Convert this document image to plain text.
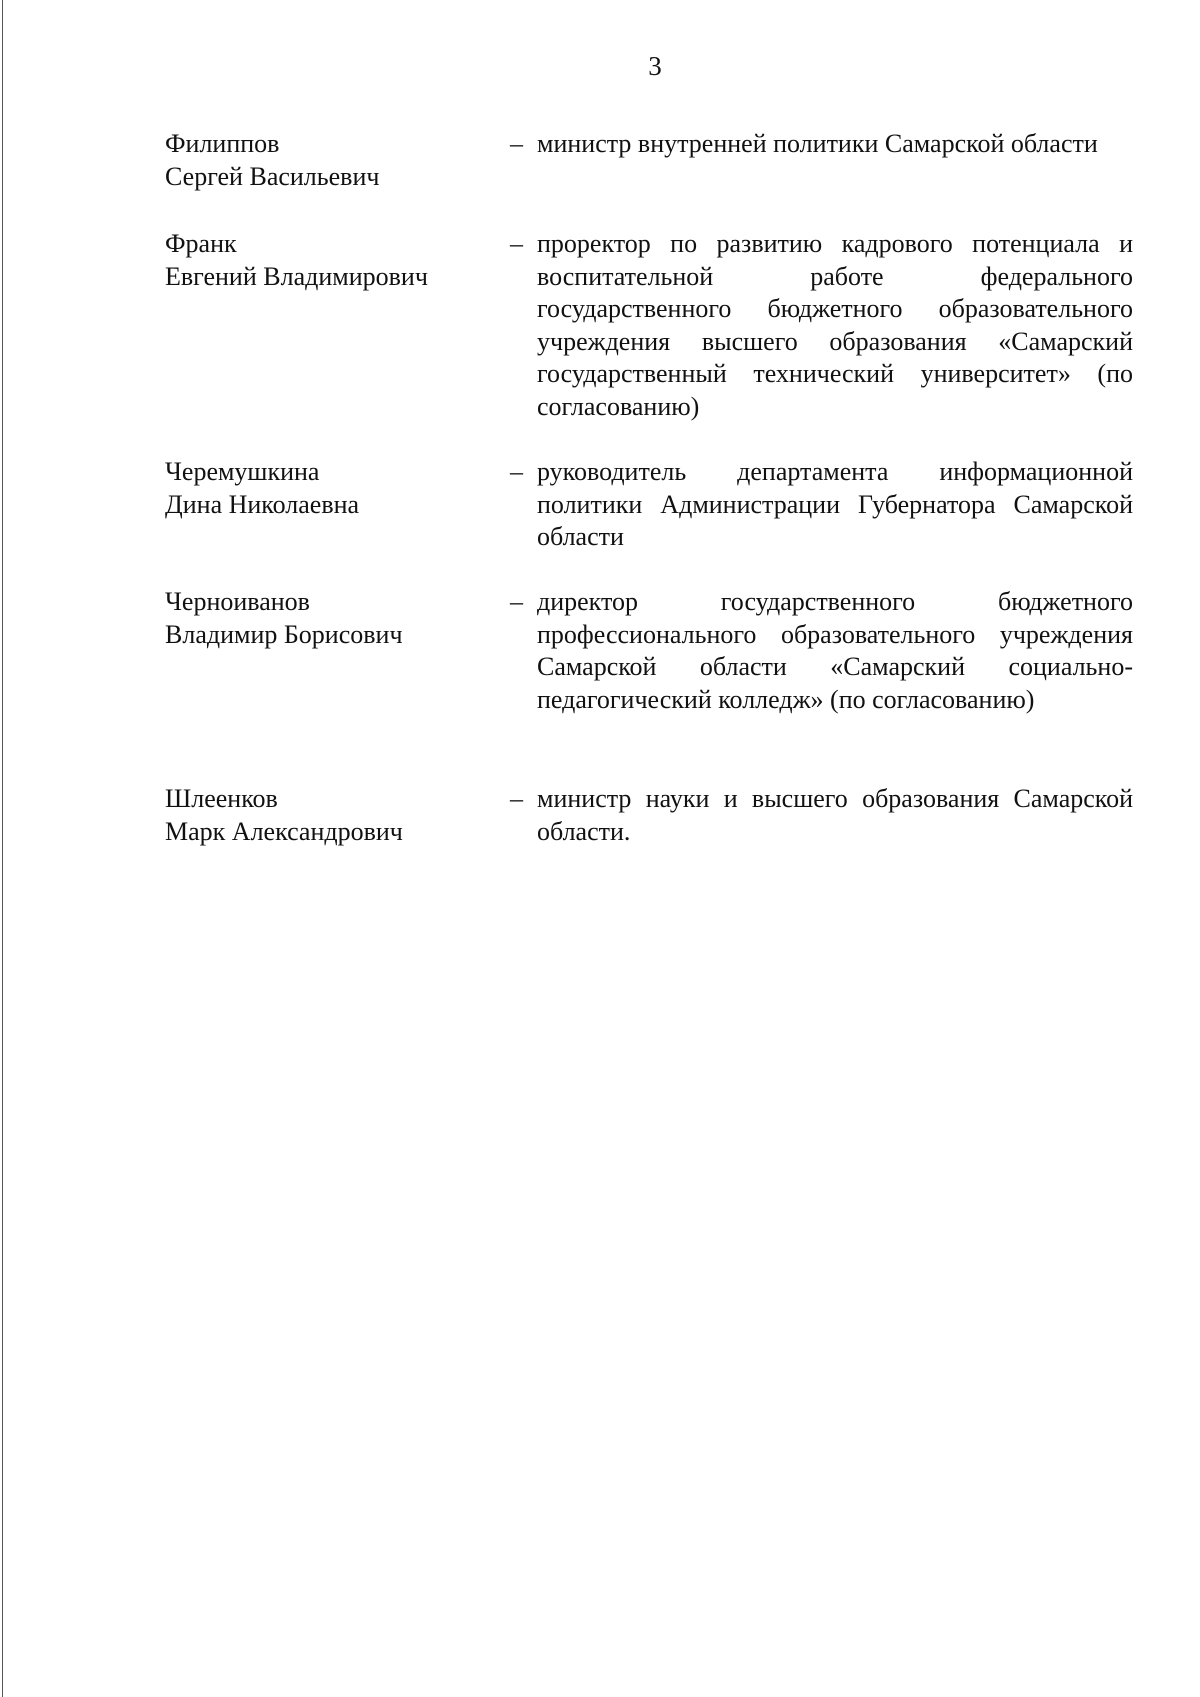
3
Филиппов
Сергей Васильевич
– министр внутренней политики Самарской области
Франк
Евгений Владимирович
– проректор по развитию кадрового потенциала и воспитательной работе федерального государственного бюджетного образовательного учреждения высшего образования «Самарский государственный технический университет» (по согласованию)
Черемушкина
Дина Николаевна
– руководитель департамента информационной политики Администрации Губернатора Самарской области
Черноиванов
Владимир Борисович
– директор государственного бюджетного профессионального образовательного учреждения Самарской области «Самарский социально-педагогический колледж» (по согласованию)
Шлеенков
Марк Александрович
– министр науки и высшего образования Самарской области.
